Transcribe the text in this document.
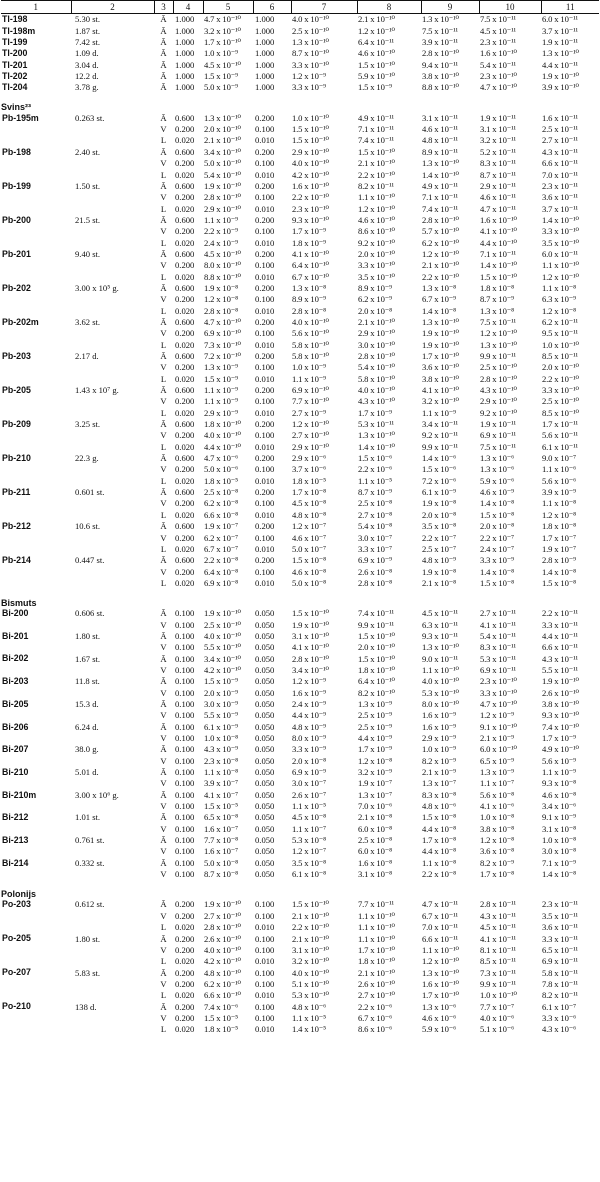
1	2	3	4	5	6	7	8	9	10	11
Tl-198	5.30 st.	Ā	1.000	4.7 x 10⁻¹⁰	1.000	4.0 x 10⁻¹⁰	2.1 x 10⁻¹⁰	1.3 x 10⁻¹⁰	7.5 x 10⁻¹¹	6.0 x 10⁻¹¹
Tl-198m	1.87 st.	Ā	1.000	3.2 x 10⁻¹⁰	1.000	2.5 x 10⁻¹⁰	1.2 x 10⁻¹⁰	7.5 x 10⁻¹¹	4.5 x 10⁻¹¹	3.7 x 10⁻¹¹
Tl-199	7.42 st.	Ā	1.000	1.7 x 10⁻¹⁰	1.000	1.3 x 10⁻¹⁰	6.4 x 10⁻¹¹	3.9 x 10⁻¹¹	2.3 x 10⁻¹¹	1.9 x 10⁻¹¹
Tl-200	1.09 d.	Ā	1.000	1.0 x 10⁻⁹	1.000	8.7 x 10⁻¹⁰	4.6 x 10⁻¹⁰	2.8 x 10⁻¹⁰	1.6 x 10⁻¹⁰	1.3 x 10⁻¹⁰
Tl-201	3.04 d.	Ā	1.000	4.5 x 10⁻¹⁰	1.000	3.3 x 10⁻¹⁰	1.5 x 10⁻¹⁰	9.4 x 10⁻¹¹	5.4 x 10⁻¹¹	4.4 x 10⁻¹¹
Tl-202	12.2 d.	Ā	1.000	1.5 x 10⁻⁹	1.000	1.2 x 10⁻⁹	5.9 x 10⁻¹⁰	3.8 x 10⁻¹⁰	2.3 x 10⁻¹⁰	1.9 x 10⁻¹⁰
Tl-204	3.78 g.	Ā	1.000	5.0 x 10⁻⁹	1.000	3.3 x 10⁻⁹	1.5 x 10⁻⁹	8.8 x 10⁻¹⁰	4.7 x 10⁻¹⁰	3.9 x 10⁻¹⁰

Svins²³										
Pb-195m	0.263 st.	Ā	0.600	1.3 x 10⁻¹⁰	0.200	1.0 x 10⁻¹⁰	4.9 x 10⁻¹¹	3.1 x 10⁻¹¹	1.9 x 10⁻¹¹	1.6 x 10⁻¹¹
		V	0.200	2.0 x 10⁻¹⁰	0.100	1.5 x 10⁻¹⁰	7.1 x 10⁻¹¹	4.6 x 10⁻¹¹	3.1 x 10⁻¹¹	2.5 x 10⁻¹¹
		L	0.020	2.1 x 10⁻¹⁰	0.010	1.5 x 10⁻¹⁰	7.4 x 10⁻¹¹	4.8 x 10⁻¹¹	3.2 x 10⁻¹¹	2.7 x 10⁻¹¹
Pb-198	2.40 st.	Ā	0.600	3.4 x 10⁻¹⁰	0.200	2.9 x 10⁻¹⁰	1.5 x 10⁻¹⁰	8.9 x 10⁻¹¹	5.2 x 10⁻¹¹	4.3 x 10⁻¹¹
		V	0.200	5.0 x 10⁻¹⁰	0.100	4.0 x 10⁻¹⁰	2.1 x 10⁻¹⁰	1.3 x 10⁻¹⁰	8.3 x 10⁻¹¹	6.6 x 10⁻¹¹
		L	0.020	5.4 x 10⁻¹⁰	0.010	4.2 x 10⁻¹⁰	2.2 x 10⁻¹⁰	1.4 x 10⁻¹⁰	8.7 x 10⁻¹¹	7.0 x 10⁻¹¹
Pb-199	1.50 st.	Ā	0.600	1.9 x 10⁻¹⁰	0.200	1.6 x 10⁻¹⁰	8.2 x 10⁻¹¹	4.9 x 10⁻¹¹	2.9 x 10⁻¹¹	2.3 x 10⁻¹¹
		V	0.200	2.8 x 10⁻¹⁰	0.100	2.2 x 10⁻¹⁰	1.1 x 10⁻¹⁰	7.1 x 10⁻¹¹	4.6 x 10⁻¹¹	3.6 x 10⁻¹¹
		L	0.020	2.9 x 10⁻¹⁰	0.010	2.3 x 10⁻¹⁰	1.2 x 10⁻¹⁰	7.4 x 10⁻¹¹	4.7 x 10⁻¹¹	3.7 x 10⁻¹¹
Pb-200	21.5 st.	Ā	0.600	1.1 x 10⁻⁹	0.200	9.3 x 10⁻¹⁰	4.6 x 10⁻¹⁰	2.8 x 10⁻¹⁰	1.6 x 10⁻¹⁰	1.4 x 10⁻¹⁰
		V	0.200	2.2 x 10⁻⁹	0.100	1.7 x 10⁻⁹	8.6 x 10⁻¹⁰	5.7 x 10⁻¹⁰	4.1 x 10⁻¹⁰	3.3 x 10⁻¹⁰
		L	0.020	2.4 x 10⁻⁹	0.010	1.8 x 10⁻⁹	9.2 x 10⁻¹⁰	6.2 x 10⁻¹⁰	4.4 x 10⁻¹⁰	3.5 x 10⁻¹⁰
Pb-201	9.40 st.	Ā	0.600	4.5 x 10⁻¹⁰	0.200	4.1 x 10⁻¹⁰	2.0 x 10⁻¹⁰	1.2 x 10⁻¹⁰	7.1 x 10⁻¹¹	6.0 x 10⁻¹¹
		V	0.200	8.0 x 10⁻¹⁰	0.100	6.4 x 10⁻¹⁰	3.3 x 10⁻¹⁰	2.1 x 10⁻¹⁰	1.4 x 10⁻¹⁰	1.1 x 10⁻¹⁰
		L	0.020	8.8 x 10⁻¹⁰	0.010	6.7 x 10⁻¹⁰	3.5 x 10⁻¹⁰	2.2 x 10⁻¹⁰	1.5 x 10⁻¹⁰	1.2 x 10⁻¹⁰
Pb-202	3.00 x 10⁵ g.	Ā	0.600	1.9 x 10⁻⁸	0.200	1.3 x 10⁻⁸	8.9 x 10⁻⁹	1.3 x 10⁻⁸	1.8 x 10⁻⁸	1.1 x 10⁻⁸
		V	0.200	1.2 x 10⁻⁸	0.100	8.9 x 10⁻⁹	6.2 x 10⁻⁹	6.7 x 10⁻⁹	8.7 x 10⁻⁹	6.3 x 10⁻⁹
		L	0.020	2.8 x 10⁻⁸	0.010	2.8 x 10⁻⁸	2.0 x 10⁻⁸	1.4 x 10⁻⁸	1.3 x 10⁻⁸	1.2 x 10⁻⁸
Pb-202m	3.62 st.	Ā	0.600	4.7 x 10⁻¹⁰	0.200	4.0 x 10⁻¹⁰	2.1 x 10⁻¹⁰	1.3 x 10⁻¹⁰	7.5 x 10⁻¹¹	6.2 x 10⁻¹¹
		V	0.200	6.9 x 10⁻¹⁰	0.100	5.6 x 10⁻¹⁰	2.9 x 10⁻¹⁰	1.9 x 10⁻¹⁰	1.2 x 10⁻¹⁰	9.5 x 10⁻¹¹
		L	0.020	7.3 x 10⁻¹⁰	0.010	5.8 x 10⁻¹⁰	3.0 x 10⁻¹⁰	1.9 x 10⁻¹⁰	1.3 x 10⁻¹⁰	1.0 x 10⁻¹⁰
Pb-203	2.17 d.	Ā	0.600	7.2 x 10⁻¹⁰	0.200	5.8 x 10⁻¹⁰	2.8 x 10⁻¹⁰	1.7 x 10⁻¹⁰	9.9 x 10⁻¹¹	8.5 x 10⁻¹¹
		V	0.200	1.3 x 10⁻⁹	0.100	1.0 x 10⁻⁹	5.4 x 10⁻¹⁰	3.6 x 10⁻¹⁰	2.5 x 10⁻¹⁰	2.0 x 10⁻¹⁰
		L	0.020	1.5 x 10⁻⁹	0.010	1.1 x 10⁻⁹	5.8 x 10⁻¹⁰	3.8 x 10⁻¹⁰	2.8 x 10⁻¹⁰	2.2 x 10⁻¹⁰
Pb-205	1.43 x 10⁷ g.	Ā	0.600	1.1 x 10⁻⁹	0.200	6.9 x 10⁻¹⁰	4.0 x 10⁻¹⁰	4.1 x 10⁻¹⁰	4.3 x 10⁻¹⁰	3.3 x 10⁻¹⁰
		V	0.200	1.1 x 10⁻⁹	0.100	7.7 x 10⁻¹⁰	4.3 x 10⁻¹⁰	3.2 x 10⁻¹⁰	2.9 x 10⁻¹⁰	2.5 x 10⁻¹⁰
		L	0.020	2.9 x 10⁻⁹	0.010	2.7 x 10⁻⁹	1.7 x 10⁻⁹	1.1 x 10⁻⁹	9.2 x 10⁻¹⁰	8.5 x 10⁻¹⁰
Pb-209	3.25 st.	Ā	0.600	1.8 x 10⁻¹⁰	0.200	1.2 x 10⁻¹⁰	5.3 x 10⁻¹¹	3.4 x 10⁻¹¹	1.9 x 10⁻¹¹	1.7 x 10⁻¹¹
		V	0.200	4.0 x 10⁻¹⁰	0.100	2.7 x 10⁻¹⁰	1.3 x 10⁻¹⁰	9.2 x 10⁻¹¹	6.9 x 10⁻¹¹	5.6 x 10⁻¹¹
		L	0.020	4.4 x 10⁻¹⁰	0.010	2.9 x 10⁻¹⁰	1.4 x 10⁻¹⁰	9.9 x 10⁻¹¹	7.5 x 10⁻¹¹	6.1 x 10⁻¹¹
Pb-210	22.3 g.	Ā	0.600	4.7 x 10⁻⁶	0.200	2.9 x 10⁻⁶	1.5 x 10⁻⁶	1.4 x 10⁻⁶	1.3 x 10⁻⁶	9.0 x 10⁻⁷
		V	0.200	5.0 x 10⁻⁶	0.100	3.7 x 10⁻⁶	2.2 x 10⁻⁶	1.5 x 10⁻⁶	1.3 x 10⁻⁶	1.1 x 10⁻⁶
		L	0.020	1.8 x 10⁻⁵	0.010	1.8 x 10⁻⁵	1.1 x 10⁻⁵	7.2 x 10⁻⁶	5.9 x 10⁻⁶	5.6 x 10⁻⁶
Pb-211	0.601 st.	Ā	0.600	2.5 x 10⁻⁸	0.200	1.7 x 10⁻⁸	8.7 x 10⁻⁹	6.1 x 10⁻⁹	4.6 x 10⁻⁹	3.9 x 10⁻⁹
		V	0.200	6.2 x 10⁻⁸	0.100	4.5 x 10⁻⁸	2.5 x 10⁻⁸	1.9 x 10⁻⁸	1.4 x 10⁻⁸	1.1 x 10⁻⁸
		L	0.020	6.6 x 10⁻⁸	0.010	4.8 x 10⁻⁸	2.7 x 10⁻⁸	2.0 x 10⁻⁸	1.5 x 10⁻⁸	1.2 x 10⁻⁸
Pb-212	10.6 st.	Ā	0.600	1.9 x 10⁻⁷	0.200	1.2 x 10⁻⁷	5.4 x 10⁻⁸	3.5 x 10⁻⁸	2.0 x 10⁻⁸	1.8 x 10⁻⁸
		V	0.200	6.2 x 10⁻⁷	0.100	4.6 x 10⁻⁷	3.0 x 10⁻⁷	2.2 x 10⁻⁷	2.2 x 10⁻⁷	1.7 x 10⁻⁷
		L	0.020	6.7 x 10⁻⁷	0.010	5.0 x 10⁻⁷	3.3 x 10⁻⁷	2.5 x 10⁻⁷	2.4 x 10⁻⁷	1.9 x 10⁻⁷
Pb-214	0.447 st.	Ā	0.600	2.2 x 10⁻⁸	0.200	1.5 x 10⁻⁸	6.9 x 10⁻⁹	4.8 x 10⁻⁹	3.3 x 10⁻⁹	2.8 x 10⁻⁹
		V	0.200	6.4 x 10⁻⁸	0.100	4.6 x 10⁻⁸	2.6 x 10⁻⁸	1.9 x 10⁻⁸	1.4 x 10⁻⁸	1.4 x 10⁻⁸
		L	0.020	6.9 x 10⁻⁸	0.010	5.0 x 10⁻⁸	2.8 x 10⁻⁸	2.1 x 10⁻⁸	1.5 x 10⁻⁸	1.5 x 10⁻⁸

Bismuts										
Bi-200	0.606 st.	Ā	0.100	1.9 x 10⁻¹⁰	0.050	1.5 x 10⁻¹⁰	7.4 x 10⁻¹¹	4.5 x 10⁻¹¹	2.7 x 10⁻¹¹	2.2 x 10⁻¹¹
		V	0.100	2.5 x 10⁻¹⁰	0.050	1.9 x 10⁻¹⁰	9.9 x 10⁻¹¹	6.3 x 10⁻¹¹	4.1 x 10⁻¹¹	3.3 x 10⁻¹¹
Bi-201	1.80 st.	Ā	0.100	4.0 x 10⁻¹⁰	0.050	3.1 x 10⁻¹⁰	1.5 x 10⁻¹⁰	9.3 x 10⁻¹¹	5.4 x 10⁻¹¹	4.4 x 10⁻¹¹
		V	0.100	5.5 x 10⁻¹⁰	0.050	4.1 x 10⁻¹⁰	2.0 x 10⁻¹⁰	1.3 x 10⁻¹⁰	8.3 x 10⁻¹¹	6.6 x 10⁻¹¹
Bi-202	1.67 st.	Ā	0.100	3.4 x 10⁻¹⁰	0.050	2.8 x 10⁻¹⁰	1.5 x 10⁻¹⁰	9.0 x 10⁻¹¹	5.3 x 10⁻¹¹	4.3 x 10⁻¹¹
		V	0.100	4.2 x 10⁻¹⁰	0.050	3.4 x 10⁻¹⁰	1.8 x 10⁻¹⁰	1.1 x 10⁻¹⁰	6.9 x 10⁻¹¹	5.5 x 10⁻¹¹
Bi-203	11.8 st.	Ā	0.100	1.5 x 10⁻⁹	0.050	1.2 x 10⁻⁹	6.4 x 10⁻¹⁰	4.0 x 10⁻¹⁰	2.3 x 10⁻¹⁰	1.9 x 10⁻¹⁰
		V	0.100	2.0 x 10⁻⁹	0.050	1.6 x 10⁻⁹	8.2 x 10⁻¹⁰	5.3 x 10⁻¹⁰	3.3 x 10⁻¹⁰	2.6 x 10⁻¹⁰
Bi-205	15.3 d.	Ā	0.100	3.0 x 10⁻⁹	0.050	2.4 x 10⁻⁹	1.3 x 10⁻⁹	8.0 x 10⁻¹⁰	4.7 x 10⁻¹⁰	3.8 x 10⁻¹⁰
		V	0.100	5.5 x 10⁻⁹	0.050	4.4 x 10⁻⁹	2.5 x 10⁻⁹	1.6 x 10⁻⁹	1.2 x 10⁻⁹	9.3 x 10⁻¹⁰
Bi-206	6.24 d.	Ā	0.100	6.1 x 10⁻⁹	0.050	4.8 x 10⁻⁹	2.5 x 10⁻⁹	1.6 x 10⁻⁹	9.1 x 10⁻¹⁰	7.4 x 10⁻¹⁰
		V	0.100	1.0 x 10⁻⁸	0.050	8.0 x 10⁻⁹	4.4 x 10⁻⁹	2.9 x 10⁻⁹	2.1 x 10⁻⁹	1.7 x 10⁻⁹
Bi-207	38.0 g.	Ā	0.100	4.3 x 10⁻⁹	0.050	3.3 x 10⁻⁹	1.7 x 10⁻⁹	1.0 x 10⁻⁹	6.0 x 10⁻¹⁰	4.9 x 10⁻¹⁰
		V	0.100	2.3 x 10⁻⁸	0.050	2.0 x 10⁻⁸	1.2 x 10⁻⁸	8.2 x 10⁻⁹	6.5 x 10⁻⁹	5.6 x 10⁻⁹
Bi-210	5.01 d.	Ā	0.100	1.1 x 10⁻⁸	0.050	6.9 x 10⁻⁹	3.2 x 10⁻⁹	2.1 x 10⁻⁹	1.3 x 10⁻⁹	1.1 x 10⁻⁹
		V	0.100	3.9 x 10⁻⁷	0.050	3.0 x 10⁻⁷	1.9 x 10⁻⁷	1.3 x 10⁻⁷	1.1 x 10⁻⁷	9.3 x 10⁻⁸
Bi-210m	3.00 x 10⁶ g.	Ā	0.100	4.1 x 10⁻⁷	0.050	2.6 x 10⁻⁷	1.3 x 10⁻⁷	8.3 x 10⁻⁸	5.6 x 10⁻⁸	4.6 x 10⁻⁸
		V	0.100	1.5 x 10⁻⁵	0.050	1.1 x 10⁻⁵	7.0 x 10⁻⁶	4.8 x 10⁻⁶	4.1 x 10⁻⁶	3.4 x 10⁻⁶
Bi-212	1.01 st.	Ā	0.100	6.5 x 10⁻⁸	0.050	4.5 x 10⁻⁸	2.1 x 10⁻⁸	1.5 x 10⁻⁸	1.0 x 10⁻⁸	9.1 x 10⁻⁹
		V	0.100	1.6 x 10⁻⁷	0.050	1.1 x 10⁻⁷	6.0 x 10⁻⁸	4.4 x 10⁻⁸	3.8 x 10⁻⁸	3.1 x 10⁻⁸
Bi-213	0.761 st.	Ā	0.100	7.7 x 10⁻⁸	0.050	5.3 x 10⁻⁸	2.5 x 10⁻⁸	1.7 x 10⁻⁸	1.2 x 10⁻⁸	1.0 x 10⁻⁸
		V	0.100	1.6 x 10⁻⁷	0.050	1.2 x 10⁻⁷	6.0 x 10⁻⁸	4.4 x 10⁻⁸	3.6 x 10⁻⁸	3.0 x 10⁻⁸
Bi-214	0.332 st.	Ā	0.100	5.0 x 10⁻⁸	0.050	3.5 x 10⁻⁸	1.6 x 10⁻⁸	1.1 x 10⁻⁸	8.2 x 10⁻⁹	7.1 x 10⁻⁹
		V	0.100	8.7 x 10⁻⁸	0.050	6.1 x 10⁻⁸	3.1 x 10⁻⁸	2.2 x 10⁻⁸	1.7 x 10⁻⁸	1.4 x 10⁻⁸

Polonijs										
Po-203	0.612 st.	Ā	0.200	1.9 x 10⁻¹⁰	0.100	1.5 x 10⁻¹⁰	7.7 x 10⁻¹¹	4.7 x 10⁻¹¹	2.8 x 10⁻¹¹	2.3 x 10⁻¹¹
		V	0.200	2.7 x 10⁻¹⁰	0.100	2.1 x 10⁻¹⁰	1.1 x 10⁻¹⁰	6.7 x 10⁻¹¹	4.3 x 10⁻¹¹	3.5 x 10⁻¹¹
		L	0.020	2.8 x 10⁻¹⁰	0.010	2.2 x 10⁻¹⁰	1.1 x 10⁻¹⁰	7.0 x 10⁻¹¹	4.5 x 10⁻¹¹	3.6 x 10⁻¹¹
Po-205	1.80 st.	Ā	0.200	2.6 x 10⁻¹⁰	0.100	2.1 x 10⁻¹⁰	1.1 x 10⁻¹⁰	6.6 x 10⁻¹¹	4.1 x 10⁻¹¹	3.3 x 10⁻¹¹
		V	0.200	4.0 x 10⁻¹⁰	0.100	3.1 x 10⁻¹⁰	1.7 x 10⁻¹⁰	1.1 x 10⁻¹⁰	8.1 x 10⁻¹¹	6.5 x 10⁻¹¹
		L	0.020	4.2 x 10⁻¹⁰	0.010	3.2 x 10⁻¹⁰	1.8 x 10⁻¹⁰	1.2 x 10⁻¹⁰	8.5 x 10⁻¹¹	6.9 x 10⁻¹¹
Po-207	5.83 st.	Ā	0.200	4.8 x 10⁻¹⁰	0.100	4.0 x 10⁻¹⁰	2.1 x 10⁻¹⁰	1.3 x 10⁻¹⁰	7.3 x 10⁻¹¹	5.8 x 10⁻¹¹
		V	0.200	6.2 x 10⁻¹⁰	0.100	5.1 x 10⁻¹⁰	2.6 x 10⁻¹⁰	1.6 x 10⁻¹⁰	9.9 x 10⁻¹¹	7.8 x 10⁻¹¹
		L	0.020	6.6 x 10⁻¹⁰	0.010	5.3 x 10⁻¹⁰	2.7 x 10⁻¹⁰	1.7 x 10⁻¹⁰	1.0 x 10⁻¹⁰	8.2 x 10⁻¹¹
Po-210	138 d.	Ā	0.200	7.4 x 10⁻⁶	0.100	4.8 x 10⁻⁶	2.2 x 10⁻⁶	1.3 x 10⁻⁶	7.7 x 10⁻⁷	6.1 x 10⁻⁷
		V	0.200	1.5 x 10⁻⁵	0.100	1.1 x 10⁻⁵	6.7 x 10⁻⁶	4.6 x 10⁻⁶	4.0 x 10⁻⁶	3.3 x 10⁻⁶
		L	0.020	1.8 x 10⁻⁵	0.010	1.4 x 10⁻⁵	8.6 x 10⁻⁶	5.9 x 10⁻⁶	5.1 x 10⁻⁶	4.3 x 10⁻⁶
